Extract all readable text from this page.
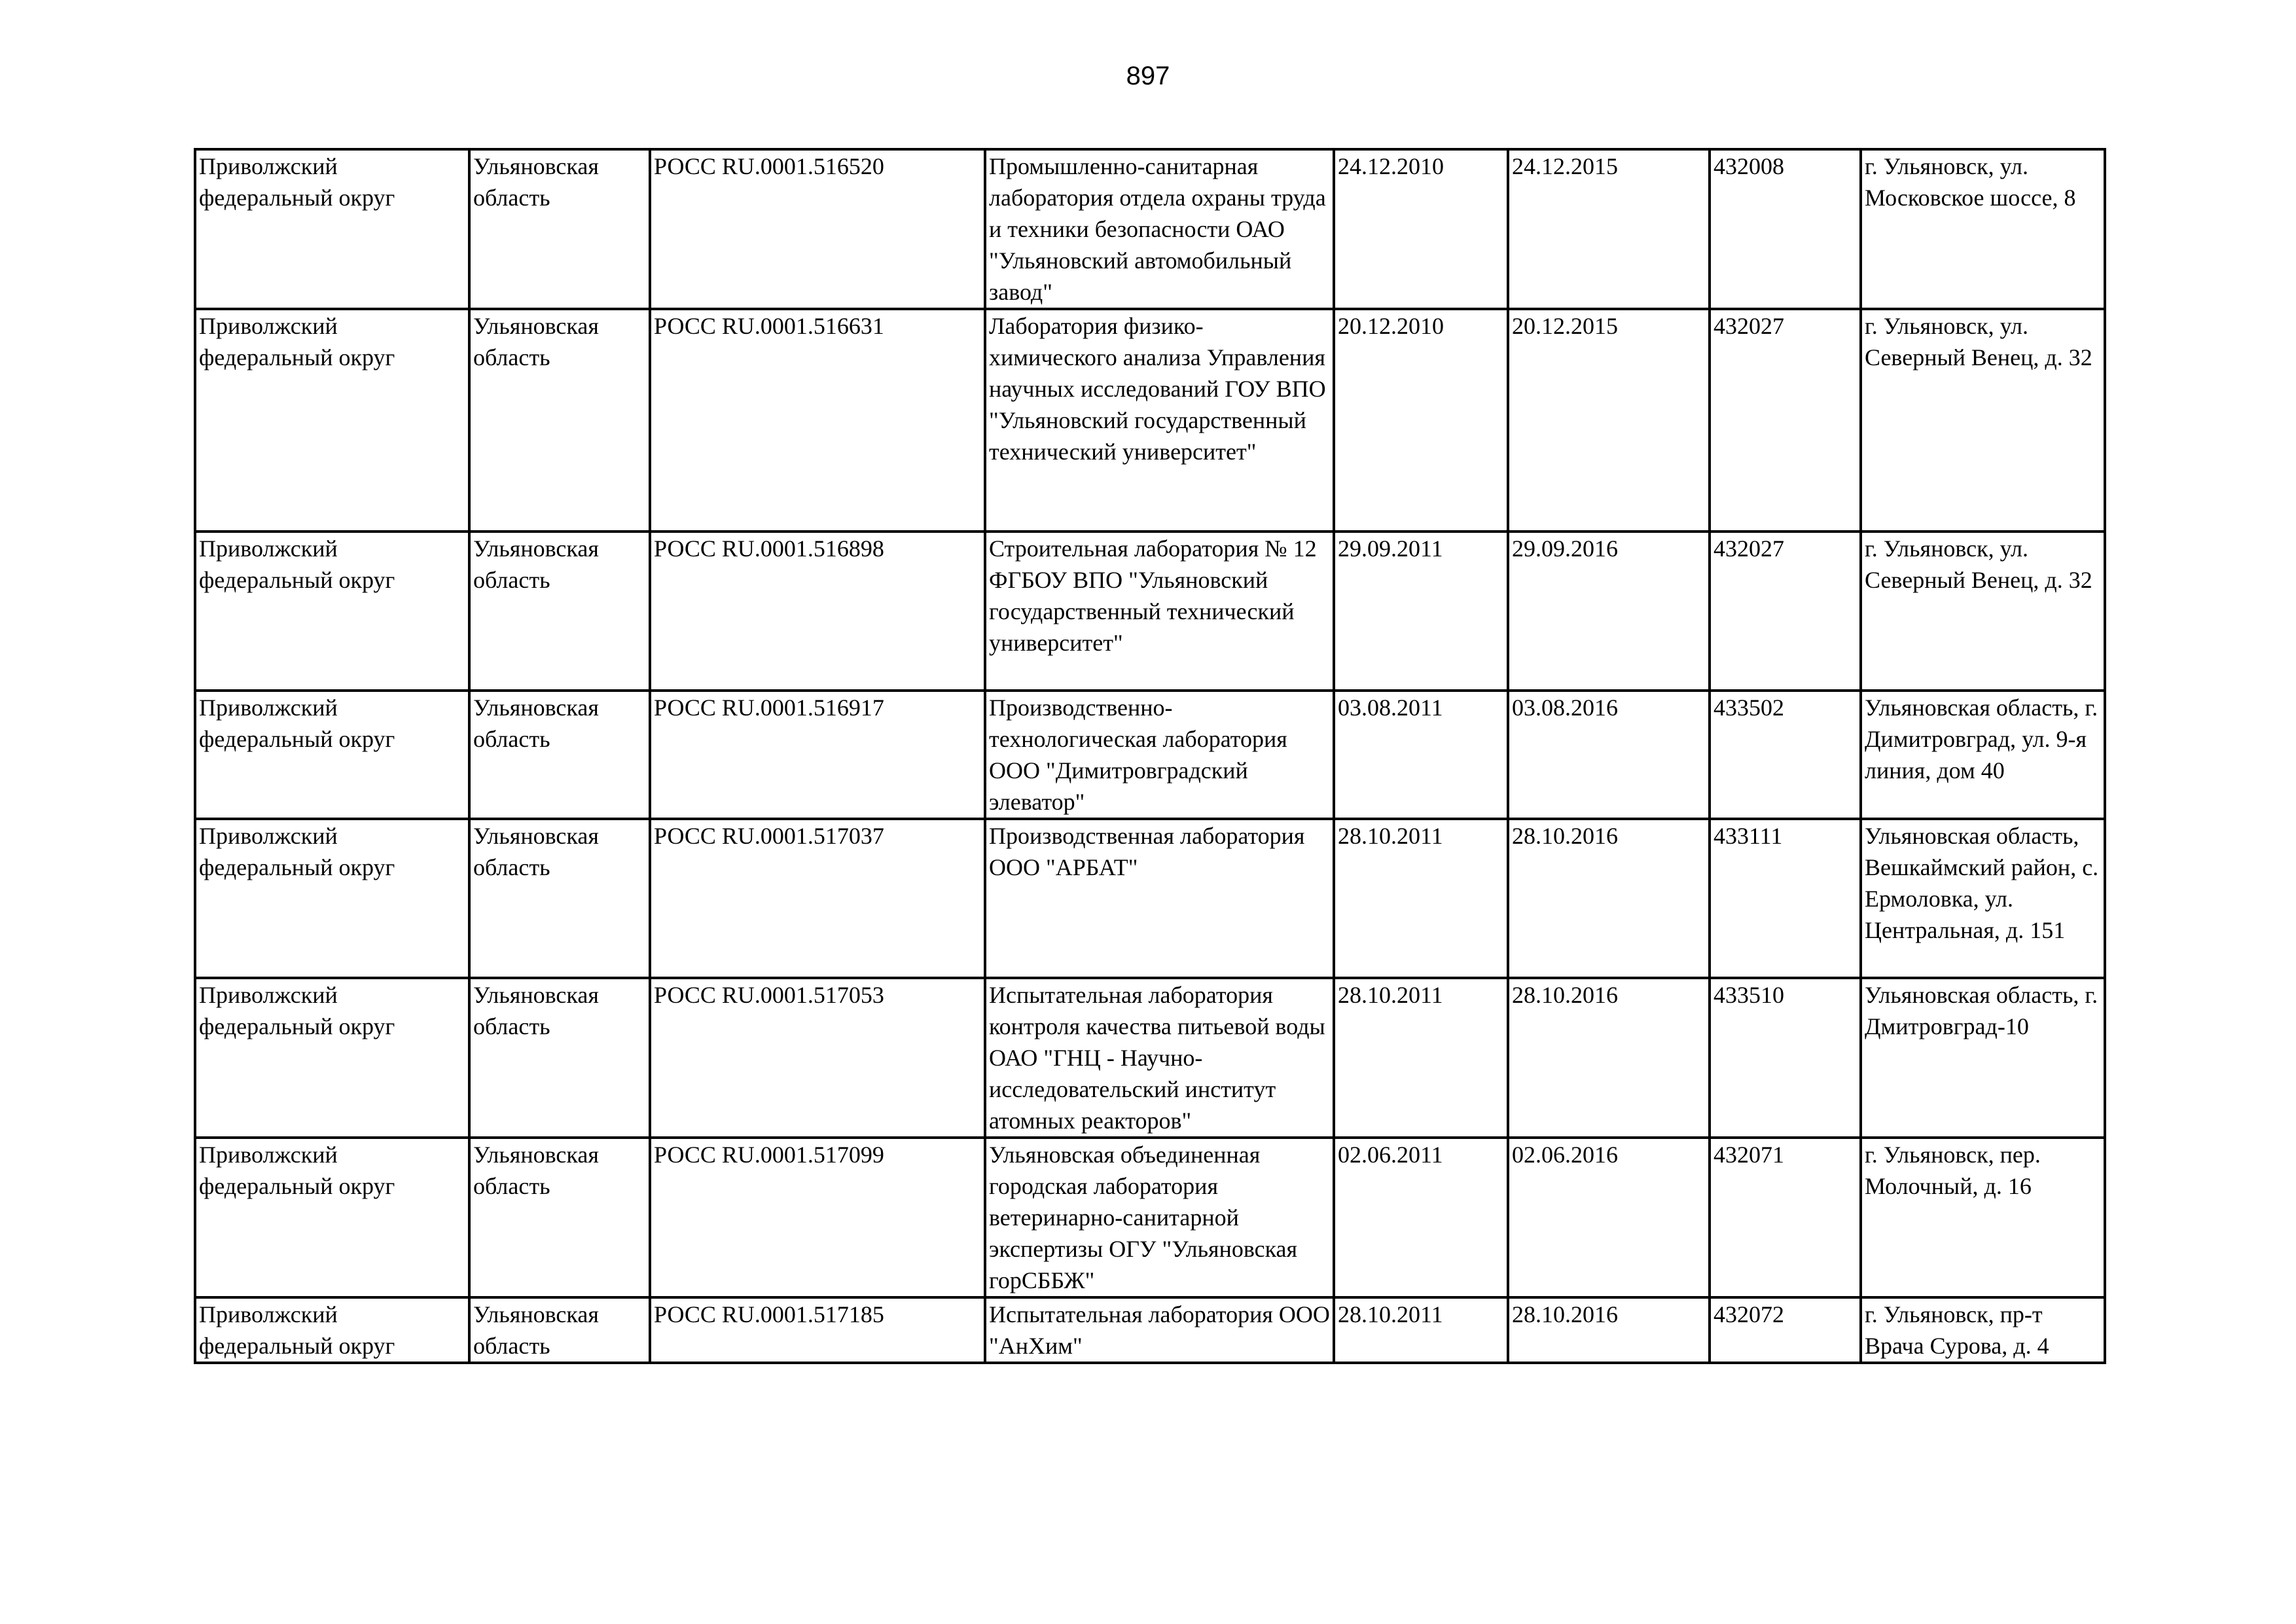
897
Приволжский федеральный округ	Ульяновская область	РОСС RU.0001.516520	Промышленно-санитарная лаборатория отдела охраны труда и техники безопасности ОАО "Ульяновский автомобильный завод"	24.12.2010	24.12.2015	432008	г. Ульяновск, ул. Московское шоссе, 8
Приволжский федеральный округ	Ульяновская область	РОСС RU.0001.516631	Лаборатория физико-химического анализа Управления научных исследований ГОУ ВПО "Ульяновский государственный технический университет"	20.12.2010	20.12.2015	432027	г. Ульяновск, ул. Северный Венец, д. 32
Приволжский федеральный округ	Ульяновская область	РОСС RU.0001.516898	Строительная лаборатория № 12 ФГБОУ ВПО "Ульяновский государственный технический университет"	29.09.2011	29.09.2016	432027	г. Ульяновск, ул. Северный Венец, д. 32
Приволжский федеральный округ	Ульяновская область	РОСС RU.0001.516917	Производственно-технологическая лаборатория ООО "Димитровградский элеватор"	03.08.2011	03.08.2016	433502	Ульяновская область, г. Димитровград, ул. 9-я линия, дом 40
Приволжский федеральный округ	Ульяновская область	РОСС RU.0001.517037	Производственная лаборатория ООО "АРБАТ"	28.10.2011	28.10.2016	433111	Ульяновская область, Вешкаймский район, с. Ермоловка, ул. Центральная, д. 151
Приволжский федеральный округ	Ульяновская область	РОСС RU.0001.517053	Испытательная лаборатория контроля качества питьевой воды ОАО "ГНЦ - Научно-исследовательский институт атомных реакторов"	28.10.2011	28.10.2016	433510	Ульяновская область, г. Дмитровград-10
Приволжский федеральный округ	Ульяновская область	РОСС RU.0001.517099	Ульяновская объединенная городская лаборатория ветеринарно-санитарной экспертизы ОГУ "Ульяновская горСББЖ"	02.06.2011	02.06.2016	432071	г. Ульяновск, пер. Молочный, д. 16
Приволжский федеральный округ	Ульяновская область	РОСС RU.0001.517185	Испытательная лаборатория ООО "АнХим"	28.10.2011	28.10.2016	432072	г. Ульяновск, пр-т Врача Сурова, д. 4
